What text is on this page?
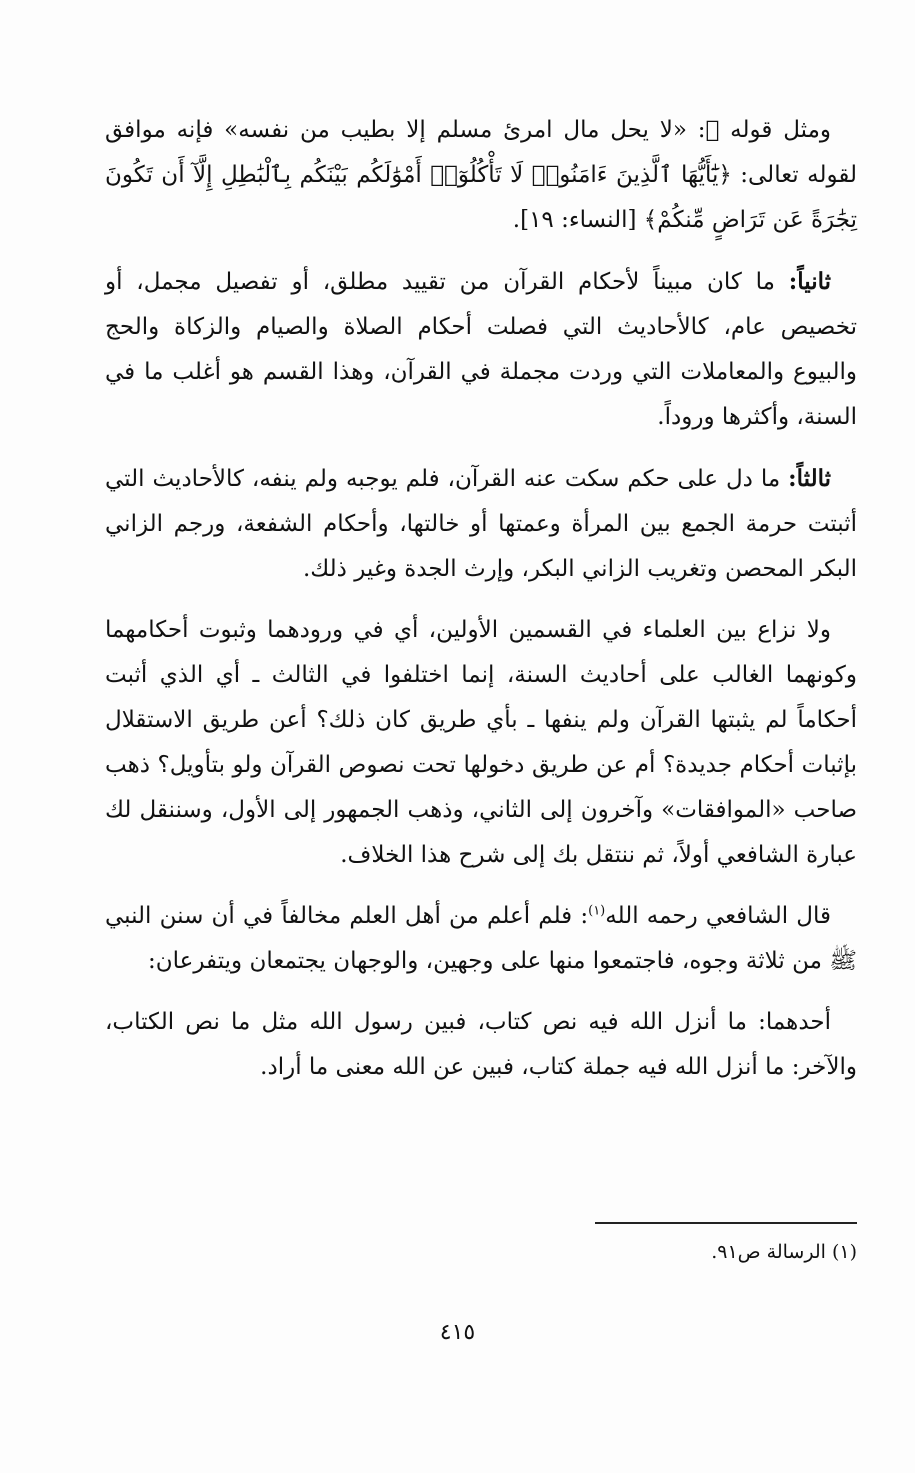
ومثل قوله ﷺ: «لا يحل مال امرئ مسلم إلا بطيب من نفسه» فإنه موافق لقوله تعالى: ﴿يَٰٓأَيُّهَا ٱلَّذِينَ ءَامَنُوا۟ لَا تَأْكُلُوٓا۟ أَمْوَٰلَكُم بَيْنَكُم بِٱلْبَٰطِلِ إِلَّآ أَن تَكُونَ تِجَٰرَةً عَن تَرَاضٍ مِّنكُمْ﴾ [النساء: ١٩].

ثانياً: ما كان مبيناً لأحكام القرآن من تقييد مطلق، أو تفصيل مجمل، أو تخصيص عام، كالأحاديث التي فصلت أحكام الصلاة والصيام والزكاة والحج والبيوع والمعاملات التي وردت مجملة في القرآن، وهذا القسم هو أغلب ما في السنة، وأكثرها وروداً.

ثالثاً: ما دل على حكم سكت عنه القرآن، فلم يوجبه ولم ينفه، كالأحاديث التي أثبتت حرمة الجمع بين المرأة وعمتها أو خالتها، وأحكام الشفعة، ورجم الزاني البكر المحصن وتغريب الزاني البكر، وإرث الجدة وغير ذلك.

ولا نزاع بين العلماء في القسمين الأولين، أي في ورودهما وثبوت أحكامهما وكونهما الغالب على أحاديث السنة، إنما اختلفوا في الثالث ـ أي الذي أثبت أحكاماً لم يثبتها القرآن ولم ينفها ـ بأي طريق كان ذلك؟ أعن طريق الاستقلال بإثبات أحكام جديدة؟ أم عن طريق دخولها تحت نصوص القرآن ولو بتأويل؟ ذهب صاحب «الموافقات» وآخرون إلى الثاني، وذهب الجمهور إلى الأول، وسننقل لك عبارة الشافعي أولاً، ثم ننتقل بك إلى شرح هذا الخلاف.

قال الشافعي رحمه الله$^{(١)}$: فلم أعلم من أهل العلم مخالفاً في أن سنن النبي ﷺ من ثلاثة وجوه، فاجتمعوا منها على وجهين، والوجهان يجتمعان ويتفرعان:

أحدهما: ما أنزل الله فيه نص كتاب، فبين رسول الله مثل ما نص الكتاب، والآخر: ما أنزل الله فيه جملة كتاب، فبين عن الله معنى ما أراد.

(١) الرسالة ص٩١.
٤١٥
